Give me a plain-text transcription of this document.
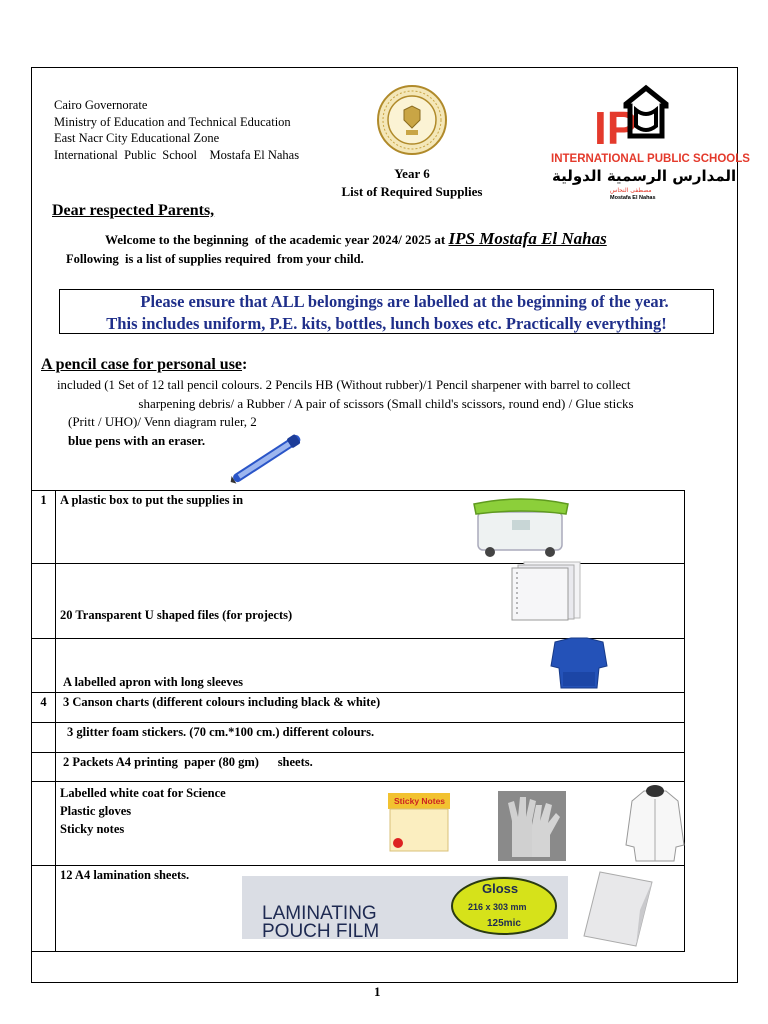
Cairo Governorate
Ministry of Education and Technical Education
East Nacr City Educational Zone
International  Public  School    Mostafa El Nahas
IP
INTERNATIONAL PUBLIC SCHOOLS
المدارس الرسمية الدولية
مصطفى النحاس
Mostafa El Nahas
Year 6
List of Required Supplies
Dear respected Parents,
Welcome to the beginning  of the academic year 2024/ 2025 at IPS Mostafa El Nahas
Following  is a list of supplies required  from your child.
Please ensure that ALL belongings are labelled at the beginning of the year.
This includes uniform, P.E. kits, bottles, lunch boxes etc. Practically everything!
A pencil case for personal use:
included (1 Set of 12 tall pencil colours. 2 Pencils HB (Without rubber)/1 Pencil sharpener with barrel to collect
sharpening debris/ a Rubber / A pair of scissors (Small child's scissors, round end) / Glue sticks
(Pritt / UHO)/ Venn diagram ruler, 2
blue pens with an eraser.
1	A plastic box to put the supplies in

	20 Transparent U shaped files (for projects)

	A labelled apron with long sleeves

4	3 Canson charts (different colours including black & white)

	3 glitter foam stickers. (70 cm.*100 cm.) different colours.

	2 Packets A4 printing  paper (80 gm)      sheets.

	Labelled white coat for Science
Plastic gloves
Sticky notes

	12 A4 lamination sheets.
Sticky Notes
LAMINATING
POUCH FILM
Gloss
216 x 303 mm
125mic
1
